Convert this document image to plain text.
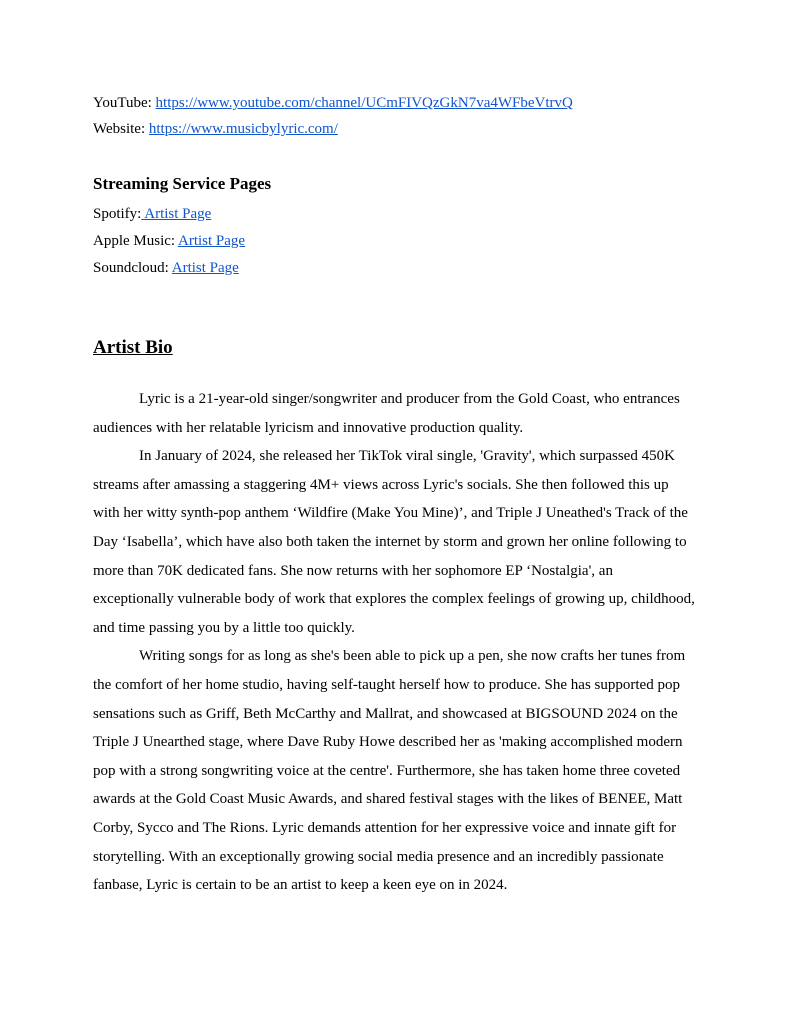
YouTube: https://www.youtube.com/channel/UCmFIVQzGkN7va4WFbeVtrvQ
Website: https://www.musicbylyric.com/
Streaming Service Pages
Spotify: Artist Page
Apple Music: Artist Page
Soundcloud: Artist Page
Artist Bio

Lyric is a 21-year-old singer/songwriter and producer from the Gold Coast, who entrances audiences with her relatable lyricism and innovative production quality.

In January of 2024, she released her TikTok viral single, 'Gravity', which surpassed 450K streams after amassing a staggering 4M+ views across Lyric's socials. She then followed this up with her witty synth-pop anthem ‘Wildfire (Make You Mine)’, and Triple J Uneathed's Track of the Day ‘Isabella’, which have also both taken the internet by storm and grown her online following to more than 70K dedicated fans. She now returns with her sophomore EP ‘Nostalgia', an exceptionally vulnerable body of work that explores the complex feelings of growing up, childhood, and time passing you by a little too quickly.

Writing songs for as long as she's been able to pick up a pen, she now crafts her tunes from the comfort of her home studio, having self-taught herself how to produce. She has supported pop sensations such as Griff, Beth McCarthy and Mallrat, and showcased at BIGSOUND 2024 on the Triple J Unearthed stage, where Dave Ruby Howe described her as 'making accomplished modern pop with a strong songwriting voice at the centre'. Furthermore, she has taken home three coveted awards at the Gold Coast Music Awards, and shared festival stages with the likes of BENEE, Matt Corby, Sycco and The Rions. Lyric demands attention for her expressive voice and innate gift for storytelling. With an exceptionally growing social media presence and an incredibly passionate fanbase, Lyric is certain to be an artist to keep a keen eye on in 2024.
